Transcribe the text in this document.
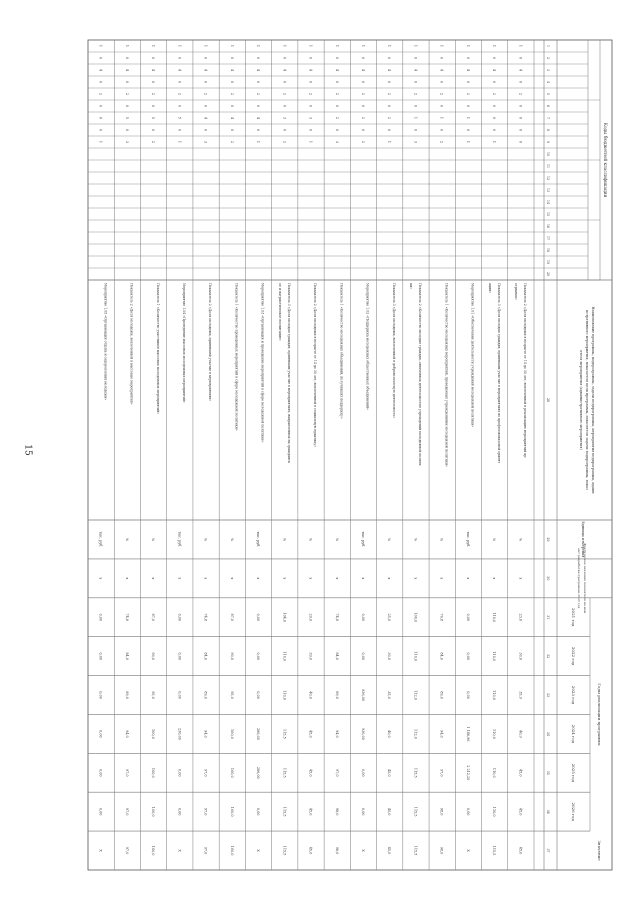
15
Коды бюджетной классификации
Наименование программы, подпрограммы, задачи подпрограммы, мероприятия подпрограммы, админ
истративного мероприятия, показателя цели программы, показателя задачи подпрограммы, показ
ателя мероприятия (административного мероприятия)
Единица измерения
Фактическое значение показателя на мом
ент разработки программы 2020 год
Годы реализации программы
2021 год
2022 год
2023 год
2024 год
2025 год
2026 год
Значение
1
2
3
4
5
6
7
8
9
10
11
12
13
14
15
16
17
18
19
20
28
29
30
31
32
33
34
35
36
37
1
0
4
0
2
0
0
0
0
Показатель 2 «Доля молодежи в возрасте от 14 до 30 лет, вовлеченной в реализацию мероприятий пр
ограммы»
%
х
23,6
30,6
35,9
40,9
45,0
45,0
45,0
1
0
4
0
2
0
0
0
1
Показатель 3 «Доля молодых граждан, принявших участие в мероприятиях по профессиональной ориент
ации»
%
х
110,0
110,0
110,0
110,0
110,0
110,0
115,5
1
0
4
0
2
0
1
0
1
Мероприятие 1.01 «Обеспечение деятельности учреждений молодежной политики»
тыс. руб.
х
0,00
0,00
0,00
1 146,96
2 212,20
0,00
Х
1
0
4
0
2
0
1
0
2
Показатель 1 «Количество молодежных мероприятий, проведенных учреждениями молодежной политики»
%
х
70,8
84,0
89,0
94,0
97,0
98,0
98,0
1
0
4
0
2
0
1
0
3
Показатель 2 «Количество молодых граждан, охваченных деятельностью учреждений молодежной полити
ки»
%
х
100,0
110,0
112,0
112,0
115,5
115,5
115,5
1
0
4
0
2
0
2
0
1
Показатель 3 «Доля молодежи, вовлеченной в добровольческую деятельность»
%
х
25,0
30,0
35,0
40,0
45,0
45,0
45,0
1
0
4
0
2
0
2
0
2
Мероприятие 1.02 «Поддержка молодежных общественных объединений»
тыс. руб.
х
0,00
0,00
936,00
936,00
0,00
0,00
Х
1
0
4
0
2
0
2
0
3
Показатель 1 «Количество молодежных объединений, получивших поддержку»
%
х
74,8
84,0
89,0
94,0
97,0
98,0
98,0
1
0
4
0
2
0
3
0
1
Показатель 2 «Доля молодежи в возрасте от 14 до 30 лет, вовлеченной в социальную практику»
%
х
29,0
39,0
40,0
45,0
45,0
45,0
45,0
1
0
4
0
2
0
3
0
2
Показатель 3 «Доля молодых граждан, принявших участие в мероприятиях, направленных на гражданск
ое и патриотическое воспитание»
%
х
104,0
110,0
110,0
115,5
115,5
115,5
115,5
1
0
4
0
2
0
4
0
1
Мероприятие 1.03 «Организация и проведение мероприятий в сфере молодежной политики»
тыс. руб.
х
0,00
0,00
0,00
286,00
286,00
0,00
Х
1
0
4
0
2
0
4
0
2
Показатель 1 «Количество проведенных мероприятий в сфере молодежной политики»
%
х
87,0
90,0
95,0
100,0
100,0
100,0
100,0
1
0
4
0
2
0
4
0
3
Показатель 2 «Доля молодежи, принявшей участие в мероприятиях»
%
х
74,8
84,0
89,0
94,0
97,0
97,0
97,0
1
0
4
0
2
0
5
0
1
Мероприятие 1.04 «Проведение массовых молодежных мероприятий»
тыс. руб.
х
0,00
0,00
0,00
236,00
0,00
0,00
Х
1
0
4
0
2
0
5
0
2
Показатель 1 «Количество участников массовых молодежных мероприятий»
%
х
87,0
90,0
95,0
100,0
100,0
100,0
100,0
1
0
4
0
2
0
5
0
3
Показатель 2 «Доля молодежи, вовлеченной в массовые мероприятия»
%
х
74,8
84,0
89,0
94,0
97,0
97,0
97,0
1
0
4
0
2
0
6
0
1
Мероприятие 1.05 «Организация отдыха и оздоровления молодежи»
тыс. руб.
х
0,00
0,00
0,00
0,00
0,00
0,00
Х
